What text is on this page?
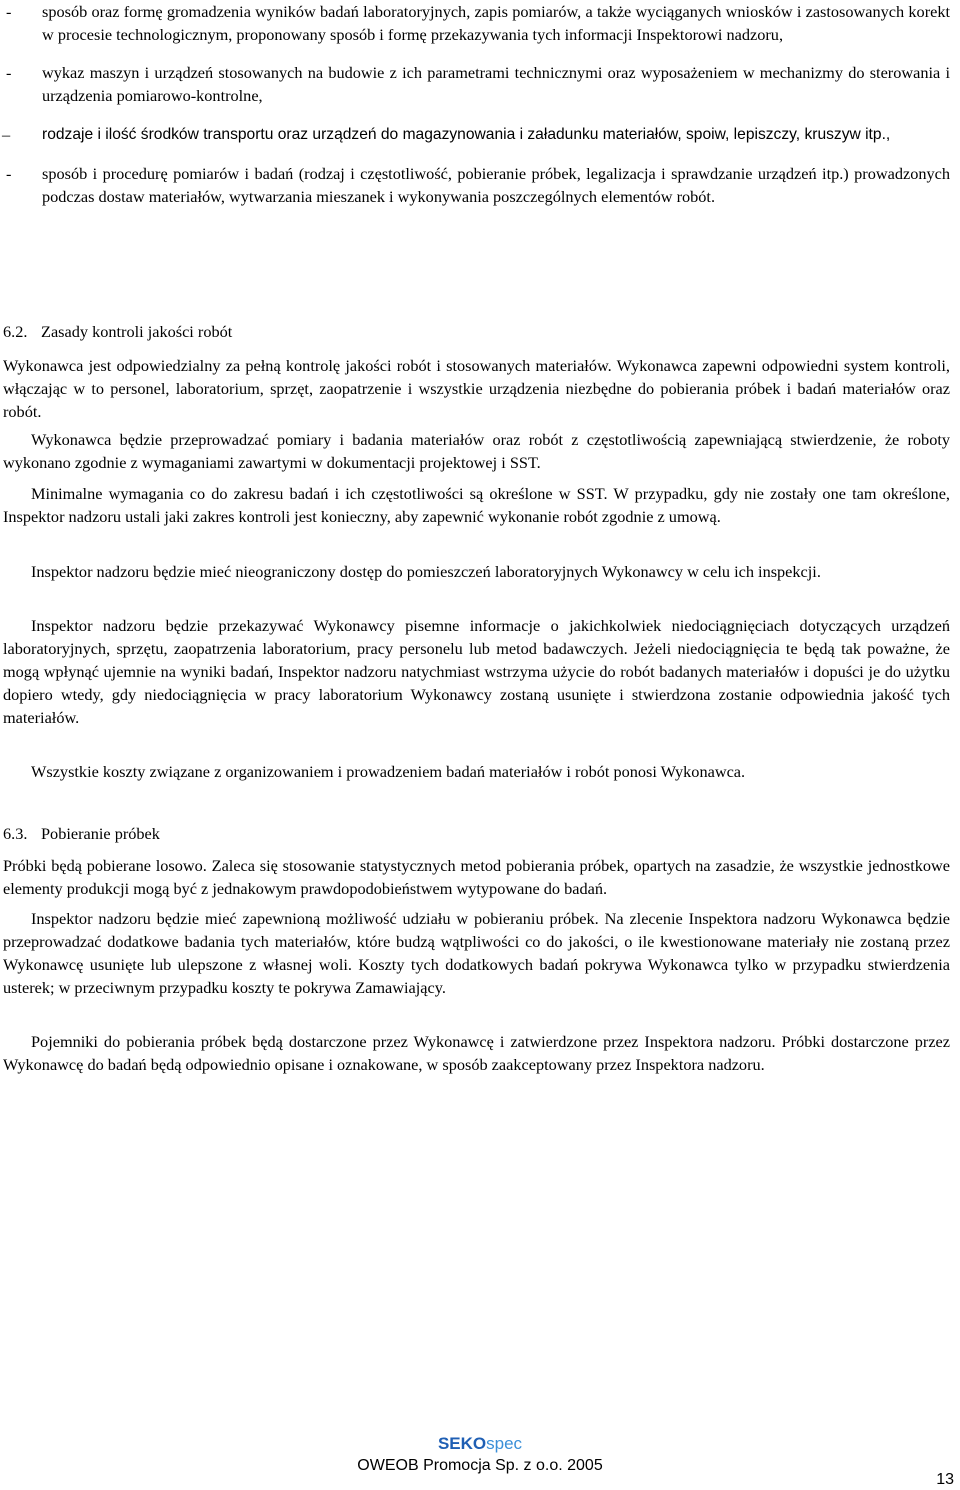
- sposób oraz formę gromadzenia wyników badań laboratoryjnych, zapis pomiarów, a także wyciąganych wniosków i zastosowanych korekt w procesie technologicznym, proponowany sposób i formę przekazywania tych informacji Inspektorowi nadzoru,

- wykaz maszyn i urządzeń stosowanych na budowie z ich parametrami technicznymi oraz wyposażeniem w mechanizmy do sterowania i urządzenia pomiarowo-kontrolne,

– rodzaje i ilość środków transportu oraz urządzeń do magazynowania i załadunku materiałów, spoiw, lepiszczy, kruszyw itp.,

- sposób i procedurę pomiarów i badań (rodzaj i częstotliwość, pobieranie próbek, legalizacja i sprawdzanie urządzeń itp.) prowadzonych podczas dostaw materiałów, wytwarzania mieszanek i wykonywania poszczególnych elementów robót.

6.2. Zasady kontroli jakości robót

Wykonawca jest odpowiedzialny za pełną kontrolę jakości robót i stosowanych materiałów. Wykonawca zapewni odpowiedni system kontroli, włączając w to personel, laboratorium, sprzęt, zaopatrzenie i wszystkie urządzenia niezbędne do pobierania próbek i badań materiałów oraz robót.

Wykonawca będzie przeprowadzać pomiary i badania materiałów oraz robót z częstotliwością zapewniającą stwierdzenie, że roboty wykonano zgodnie z wymaganiami zawartymi w dokumentacji projektowej i SST.

Minimalne wymagania co do zakresu badań i ich częstotliwości są określone w SST. W przypadku, gdy nie zostały one tam określone, Inspektor nadzoru ustali jaki zakres kontroli jest konieczny, aby zapewnić wykonanie robót zgodnie z umową.

Inspektor nadzoru będzie mieć nieograniczony dostęp do pomieszczeń laboratoryjnych Wykonawcy w celu ich inspekcji.

Inspektor nadzoru będzie przekazywać Wykonawcy pisemne informacje o jakichkolwiek niedociągnięciach dotyczących urządzeń laboratoryjnych, sprzętu, zaopatrzenia laboratorium, pracy personelu lub metod badawczych. Jeżeli niedociągnięcia te będą tak poważne, że mogą wpłynąć ujemnie na wyniki badań, Inspektor nadzoru natychmiast wstrzyma użycie do robót badanych materiałów i dopuści je do użytku dopiero wtedy, gdy niedociągnięcia w pracy laboratorium Wykonawcy zostaną usunięte i stwierdzona zostanie odpowiednia jakość tych materiałów.

Wszystkie koszty związane z organizowaniem i prowadzeniem badań materiałów i robót ponosi Wykonawca.

6.3. Pobieranie próbek

Próbki będą pobierane losowo. Zaleca się stosowanie statystycznych metod pobierania próbek, opartych na zasadzie, że wszystkie jednostkowe elementy produkcji mogą być z jednakowym prawdopodobieństwem wytypowane do badań.

Inspektor nadzoru będzie mieć zapewnioną możliwość udziału w pobieraniu próbek. Na zlecenie Inspektora nadzoru Wykonawca będzie przeprowadzać dodatkowe badania tych materiałów, które budzą wątpliwości co do jakości, o ile kwestionowane materiały nie zostaną przez Wykonawcę usunięte lub ulepszone z własnej woli. Koszty tych dodatkowych badań pokrywa Wykonawca tylko w przypadku stwierdzenia usterek; w przeciwnym przypadku koszty te pokrywa Zamawiający.

Pojemniki do pobierania próbek będą dostarczone przez Wykonawcę i zatwierdzone przez Inspektora nadzoru. Próbki dostarczone przez Wykonawcę do badań będą odpowiednio opisane i oznakowane, w sposób zaakceptowany przez Inspektora nadzoru.

SEKOspec
OWEOB Promocja Sp. z o.o. 2005
13
